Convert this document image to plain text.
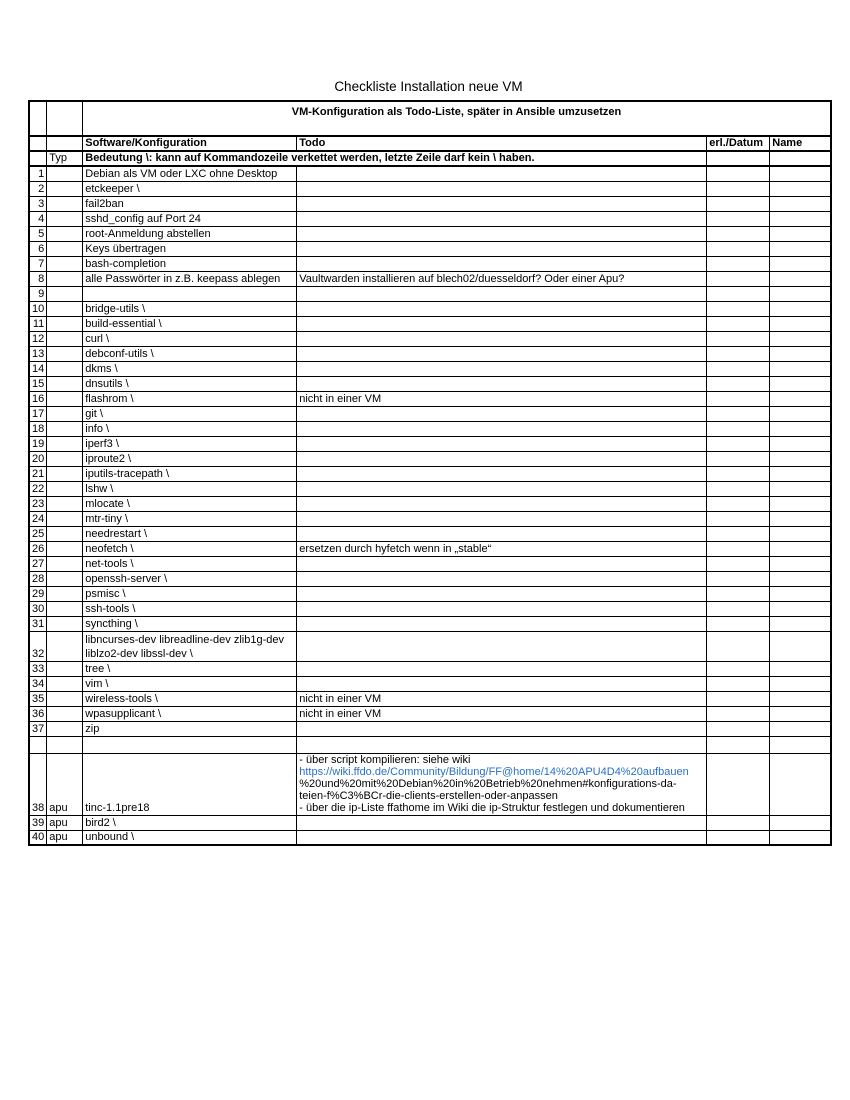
Checkliste Installation neue VM
		VM-Konfiguration als Todo-Liste, später in Ansible umzusetzen			
		Software/Konfiguration	Todo	erl./Datum	Name
	Typ	Bedeutung \: kann auf Kommandozeile verkettet werden, letzte Zeile darf kein \ haben.			
1		Debian als VM oder LXC ohne Desktop			
2		etckeeper \			
3		fail2ban			
4		sshd_config auf Port 24			
5		root-Anmeldung abstellen			
6		Keys übertragen			
7		bash-completion			
8		alle Passwörter in z.B. keepass ablegen	Vaultwarden installieren auf blech02/duesseldorf? Oder einer Apu?		
9					
10		bridge-utils \			
11		build-essential \			
12		curl \			
13		debconf-utils \			
14		dkms \			
15		dnsutils \			
16		flashrom \	nicht in einer VM		
17		git \			
18		info \			
19		iperf3 \			
20		iproute2 \			
21		iputils-tracepath \			
22		lshw \			
23		mlocate \			
24		mtr-tiny \			
25		needrestart \			
26		neofetch \	ersetzen durch hyfetch wenn in „stable“		
27		net-tools \			
28		openssh-server \			
29		psmisc \			
30		ssh-tools \			
31		syncthing \			
32		libncurses-dev libreadline-dev zlib1g-dev
liblzo2-dev libssl-dev \			

33		tree \			
34		vim \			
35		wireless-tools \	nicht in einer VM		
36		wpasupplicant \	nicht in einer VM		
37		zip			

38	apu	tinc-1.1pre18	- über script kompilieren: siehe wiki
https://wiki.ffdo.de/Community/Bildung/FF@home/14%20APU4D4%20aufbauen
%20und%20mit%20Debian%20in%20Betrieb%20nehmen#konfigurations-da-
teien-f%C3%BCr-die-clients-erstellen-oder-anpassen
- über die ip-Liste ffathome im Wiki die ip-Struktur festlegen und dokumentieren		

39	apu	bird2 \			
40	apu	unbound \			
